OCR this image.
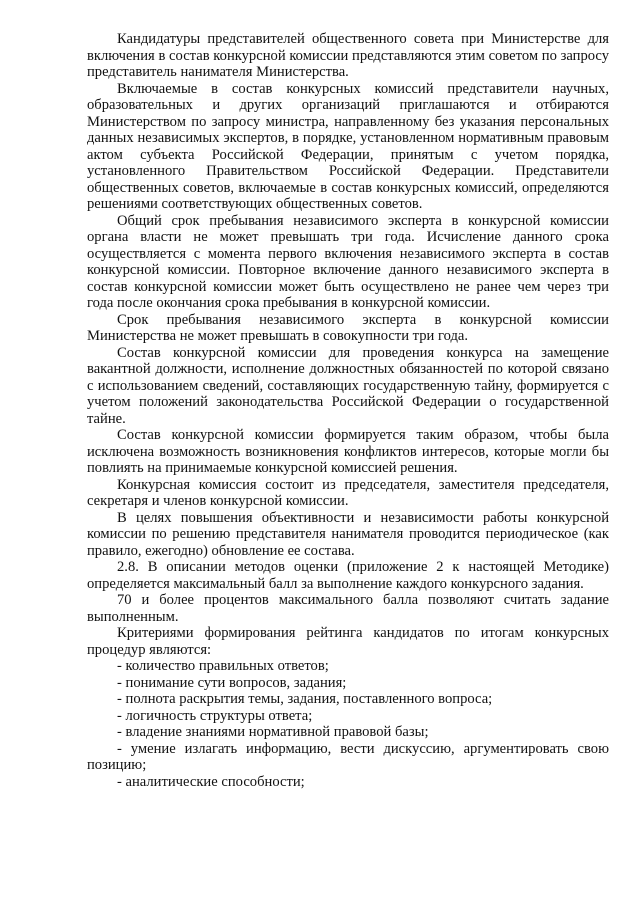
Кандидатуры представителей общественного совета при Министерстве для включения в состав конкурсной комиссии представляются этим советом по запросу представитель нанимателя Министерства.

Включаемые в состав конкурсных комиссий представители научных, образовательных и других организаций приглашаются и отбираются Министерством по запросу министра, направленному без указания персональных данных независимых экспертов, в порядке, установленном нормативным правовым актом субъекта Российской Федерации, принятым с учетом порядка, установленного Правительством Российской Федерации. Представители общественных советов, включаемые в состав конкурсных комиссий, определяются решениями соответствующих общественных советов.

Общий срок пребывания независимого эксперта в конкурсной комиссии органа власти не может превышать три года. Исчисление данного срока осуществляется с момента первого включения независимого эксперта в состав конкурсной комиссии. Повторное включение данного независимого эксперта в состав конкурсной комиссии может быть осуществлено не ранее чем через три года после окончания срока пребывания в конкурсной комиссии.

Срок пребывания независимого эксперта в конкурсной комиссии Министерства не может превышать в совокупности три года.

Состав конкурсной комиссии для проведения конкурса на замещение вакантной должности, исполнение должностных обязанностей по которой связано с использованием сведений, составляющих государственную тайну, формируется с учетом положений законодательства Российской Федерации о государственной тайне.

Состав конкурсной комиссии формируется таким образом, чтобы была исключена возможность возникновения конфликтов интересов, которые могли бы повлиять на принимаемые конкурсной комиссией решения.

Конкурсная комиссия состоит из председателя, заместителя председателя, секретаря и членов конкурсной комиссии.

В целях повышения объективности и независимости работы конкурсной комиссии по решению представителя нанимателя проводится периодическое (как правило, ежегодно) обновление ее состава.

2.8. В описании методов оценки (приложение 2 к настоящей Методике) определяется максимальный балл за выполнение каждого конкурсного задания.

70 и более процентов максимального балла позволяют считать задание выполненным.

Критериями формирования рейтинга кандидатов по итогам конкурсных процедур являются:

- количество правильных ответов;
- понимание сути вопросов, задания;
- полнота раскрытия темы, задания, поставленного вопроса;
- логичность структуры ответа;
- владение знаниями нормативной правовой базы;
- умение излагать информацию, вести дискуссию, аргументировать свою позицию;
- аналитические способности;
